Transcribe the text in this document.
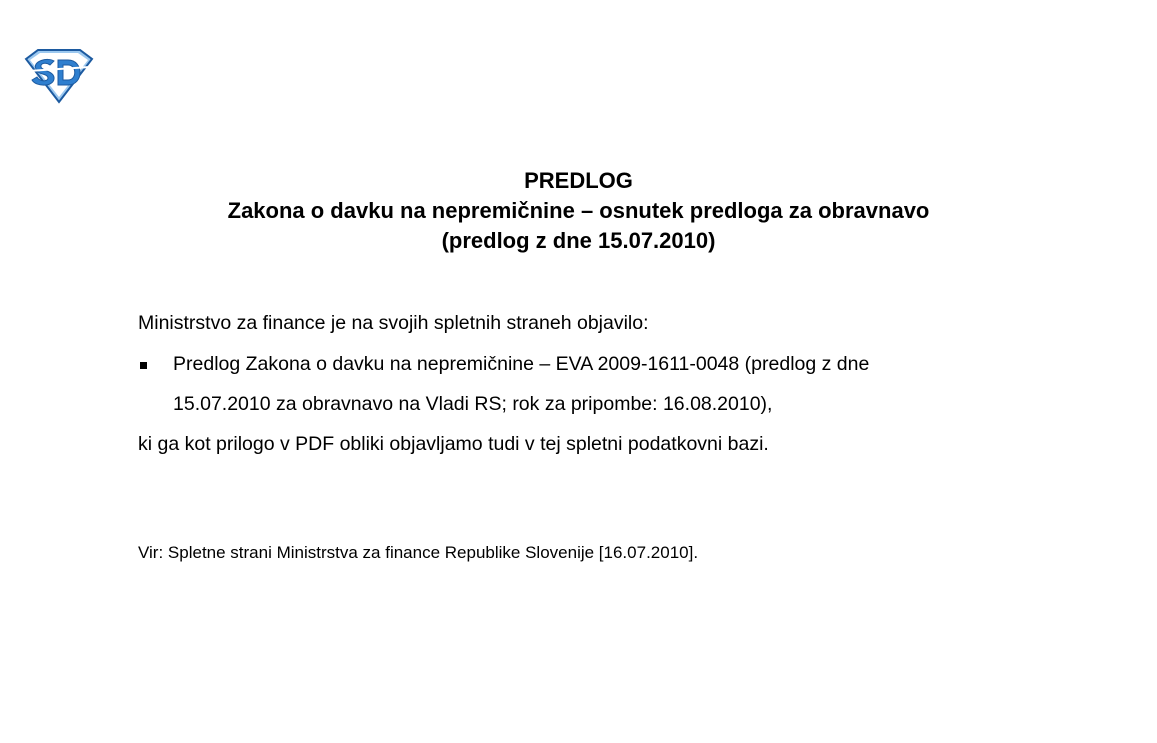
PREDLOG
Zakona o davku na nepremičnine – osnutek predloga za obravnavo
(predlog z dne 15.07.2010)
Ministrstvo za finance je na svojih spletnih straneh objavilo:
Predlog Zakona o davku na nepremičnine – EVA 2009-1611-0048 (predlog z dne
15.07.2010 za obravnavo na Vladi RS; rok za pripombe: 16.08.2010),
ki ga kot prilogo v PDF obliki objavljamo tudi v tej spletni podatkovni bazi.
Vir: Spletne strani Ministrstva za finance Republike Slovenije [16.07.2010].
